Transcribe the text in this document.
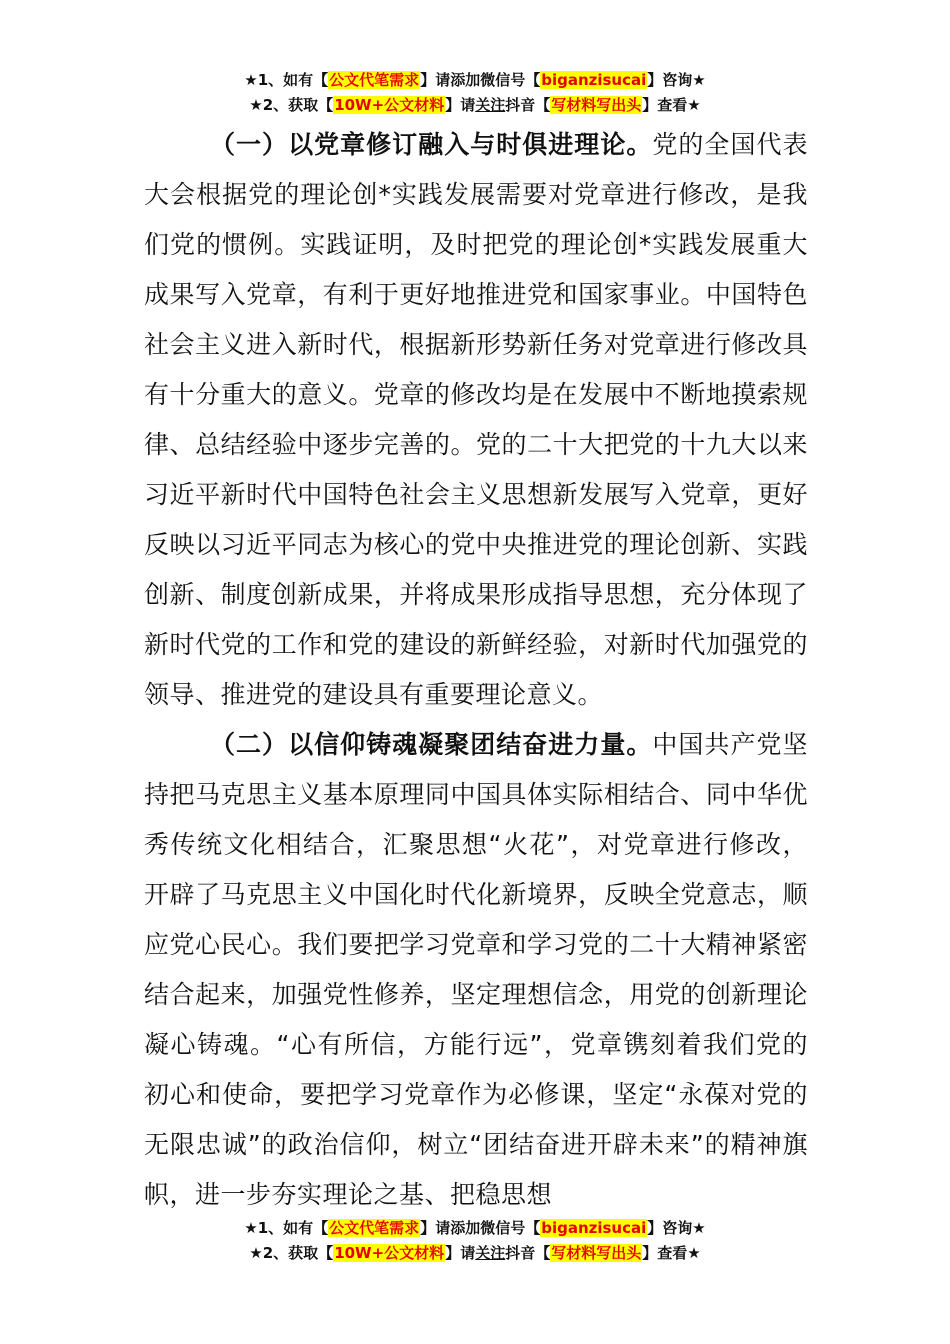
★1、如有【公文代笔需求】请添加微信号【biganzisucai】咨询★
★2、获取【10W+公文材料】请关注抖音【写材料写出头】查看★

（一）以党章修订融入与时俱进理论。党的全国代表大会根据党的理论创*实践发展需要对党章进行修改，是我们党的惯例。实践证明，及时把党的理论创*实践发展重大成果写入党章，有利于更好地推进党和国家事业。中国特色社会主义进入新时代，根据新形势新任务对党章进行修改具有十分重大的意义。党章的修改均是在发展中不断地摸索规律、总结经验中逐步完善的。党的二十大把党的十九大以来习近平新时代中国特色社会主义思想新发展写入党章，更好反映以习近平同志为核心的党中央推进党的理论创新、实践创新、制度创新成果，并将成果形成指导思想，充分体现了新时代党的工作和党的建设的新鲜经验，对新时代加强党的领导、推进党的建设具有重要理论意义。

（二）以信仰铸魂凝聚团结奋进力量。中国共产党坚持把马克思主义基本原理同中国具体实际相结合、同中华优秀传统文化相结合，汇聚思想“火花”，对党章进行修改，开辟了马克思主义中国化时代化新境界，反映全党意志，顺应党心民心。我们要把学习党章和学习党的二十大精神紧密结合起来，加强党性修养，坚定理想信念，用党的创新理论凝心铸魂。“心有所信，方能行远”，党章镌刻着我们党的初心和使命，要把学习党章作为必修课，坚定“永葆对党的无限忠诚”的政治信仰，树立“团结奋进开辟未来”的精神旗帜，进一步夯实理论之基、把稳思想

★1、如有【公文代笔需求】请添加微信号【biganzisucai】咨询★
★2、获取【10W+公文材料】请关注抖音【写材料写出头】查看★
